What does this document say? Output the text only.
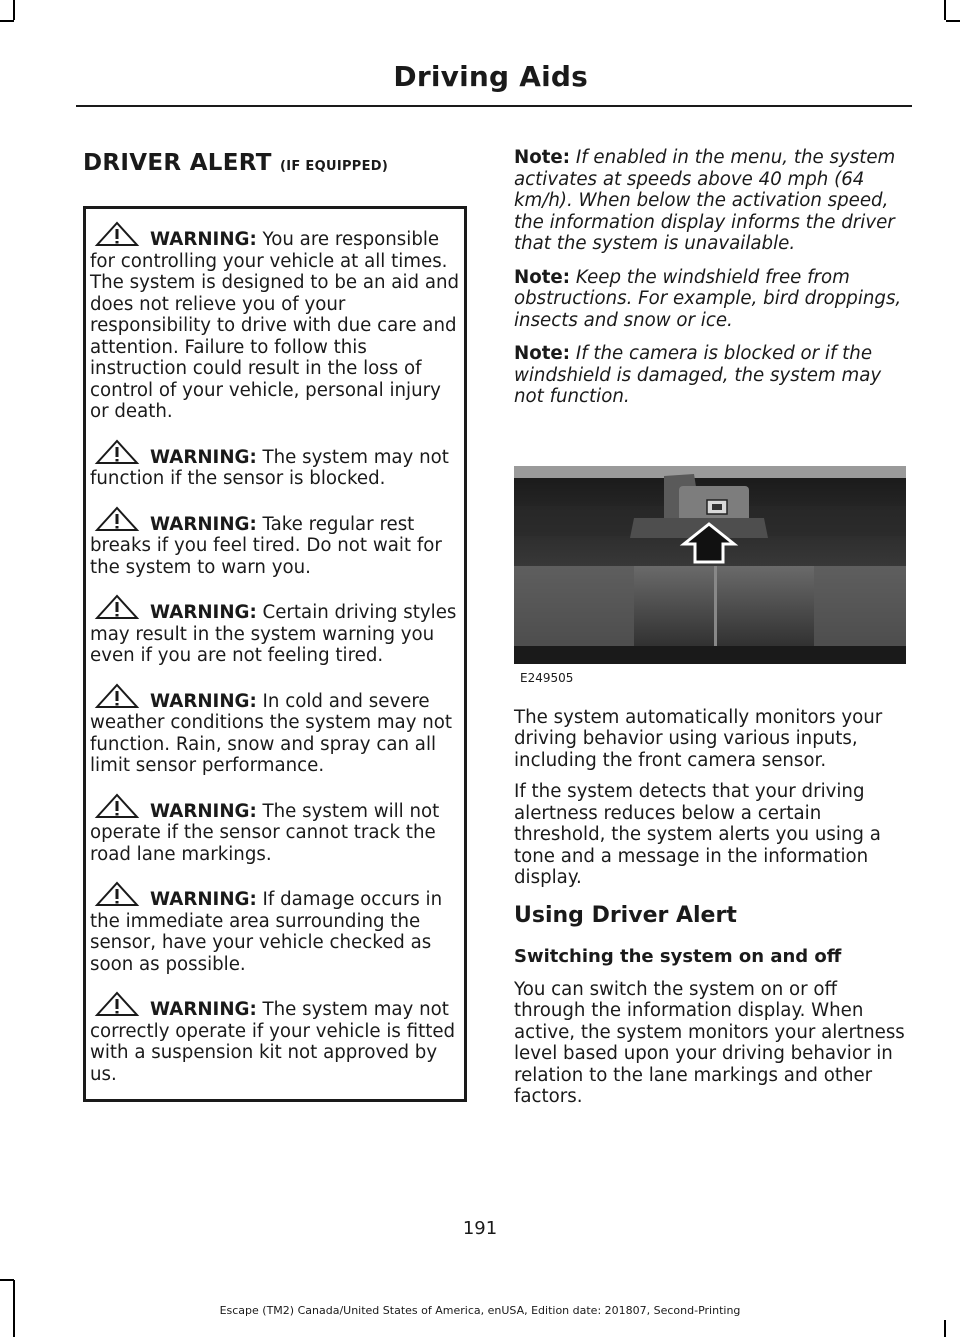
Driving Aids
DRIVER ALERT (IF EQUIPPED)
WARNING: You are responsible for controlling your vehicle at all times. The system is designed to be an aid and does not relieve you of your responsibility to drive with due care and attention. Failure to follow this instruction could result in the loss of control of your vehicle, personal injury or death.
WARNING: The system may not function if the sensor is blocked.
WARNING: Take regular rest breaks if you feel tired. Do not wait for the system to warn you.
WARNING: Certain driving styles may result in the system warning you even if you are not feeling tired.
WARNING: In cold and severe weather conditions the system may not function. Rain, snow and spray can all limit sensor performance.
WARNING: The system will not operate if the sensor cannot track the road lane markings.
WARNING: If damage occurs in the immediate area surrounding the sensor, have your vehicle checked as soon as possible.
WARNING: The system may not correctly operate if your vehicle is fitted with a suspension kit not approved by us.

Note: If enabled in the menu, the system activates at speeds above 40 mph (64 km/h). When below the activation speed, the information display informs the driver that the system is unavailable.

Note: Keep the windshield free from obstructions. For example, bird droppings, insects and snow or ice.

Note: If the camera is blocked or if the windshield is damaged, the system may not function.

E249505

The system automatically monitors your driving behavior using various inputs, including the front camera sensor.

If the system detects that your driving alertness reduces below a certain threshold, the system alerts you using a tone and a message in the information display.

Using Driver Alert
Switching the system on and off

You can switch the system on or off through the information display. When active, the system monitors your alertness level based upon your driving behavior in relation to the lane markings and other factors.

191
Escape (TM2) Canada/United States of America, enUSA, Edition date: 201807, Second-Printing
